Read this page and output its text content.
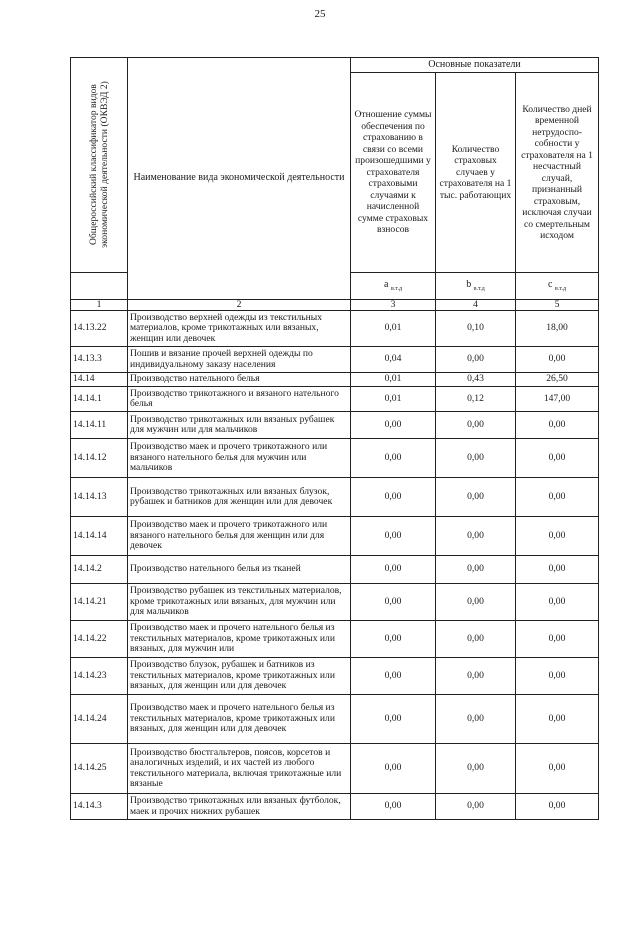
25
Общероссийский классификатор видов экономической деятельности (ОКВЭД 2)	Наименование вида экономической деятельности	Основные показатели		
		Отношение суммы обеспечения по страхованию в связи со всеми произошедшими у страхователя страховыми случаями к начисленной сумме страховых взносов	Количество страховых случаев у страхователя на 1 тыс. работающих	Количество дней временной нетрудоспо-собности у страхователя на 1 несчастный случай, признанный страховым, исключая случаи со смертельным исходом
		a $_{в.т.д}$	b $_{в.т.д}$	c $_{в.т.д}$
1	2	3	4	5
14.13.22	Производство верхней одежды из текстильных материалов, кроме трикотажных или вязаных, женщин или девочек	0,01	0,10	18,00
14.13.3	Пошив и вязание прочей верхней одежды по индивидуальному заказу населения	0,04	0,00	0,00
14.14	Производство нательного белья	0,01	0,43	26,50
14.14.1	Производство трикотажного и вязаного нательного белья	0,01	0,12	147,00
14.14.11	Производство трикотажных или вязаных рубашек для мужчин или для мальчиков	0,00	0,00	0,00
14.14.12	Производство маек и прочего трикотажного или вязаного нательного белья для мужчин или мальчиков	0,00	0,00	0,00
14.14.13	Производство трикотажных или вязаных блузок, рубашек и батников для женщин или для девочек	0,00	0,00	0,00
14.14.14	Производство маек и прочего трикотажного или вязаного нательного белья для женщин или для девочек	0,00	0,00	0,00
14.14.2	Производство нательного белья из тканей	0,00	0,00	0,00
14.14.21	Производство рубашек из текстильных материалов, кроме трикотажных или вязаных, для мужчин или для мальчиков	0,00	0,00	0,00
14.14.22	Производство маек и прочего нательного белья из текстильных материалов, кроме трикотажных или вязаных, для мужчин или	0,00	0,00	0,00
14.14.23	Производство блузок, рубашек и батников из текстильных материалов, кроме трикотажных или вязаных, для женщин или для девочек	0,00	0,00	0,00
14.14.24	Производство маек и прочего нательного белья из текстильных материалов, кроме трикотажных или вязаных, для женщин или для девочек	0,00	0,00	0,00
14.14.25	Производство бюстгальтеров, поясов, корсетов и аналогичных изделий, и их частей из любого текстильного материала, включая трикотажные или вязаные	0,00	0,00	0,00
14.14.3	Производство трикотажных или вязаных футболок, маек и прочих нижних рубашек	0,00	0,00	0,00
